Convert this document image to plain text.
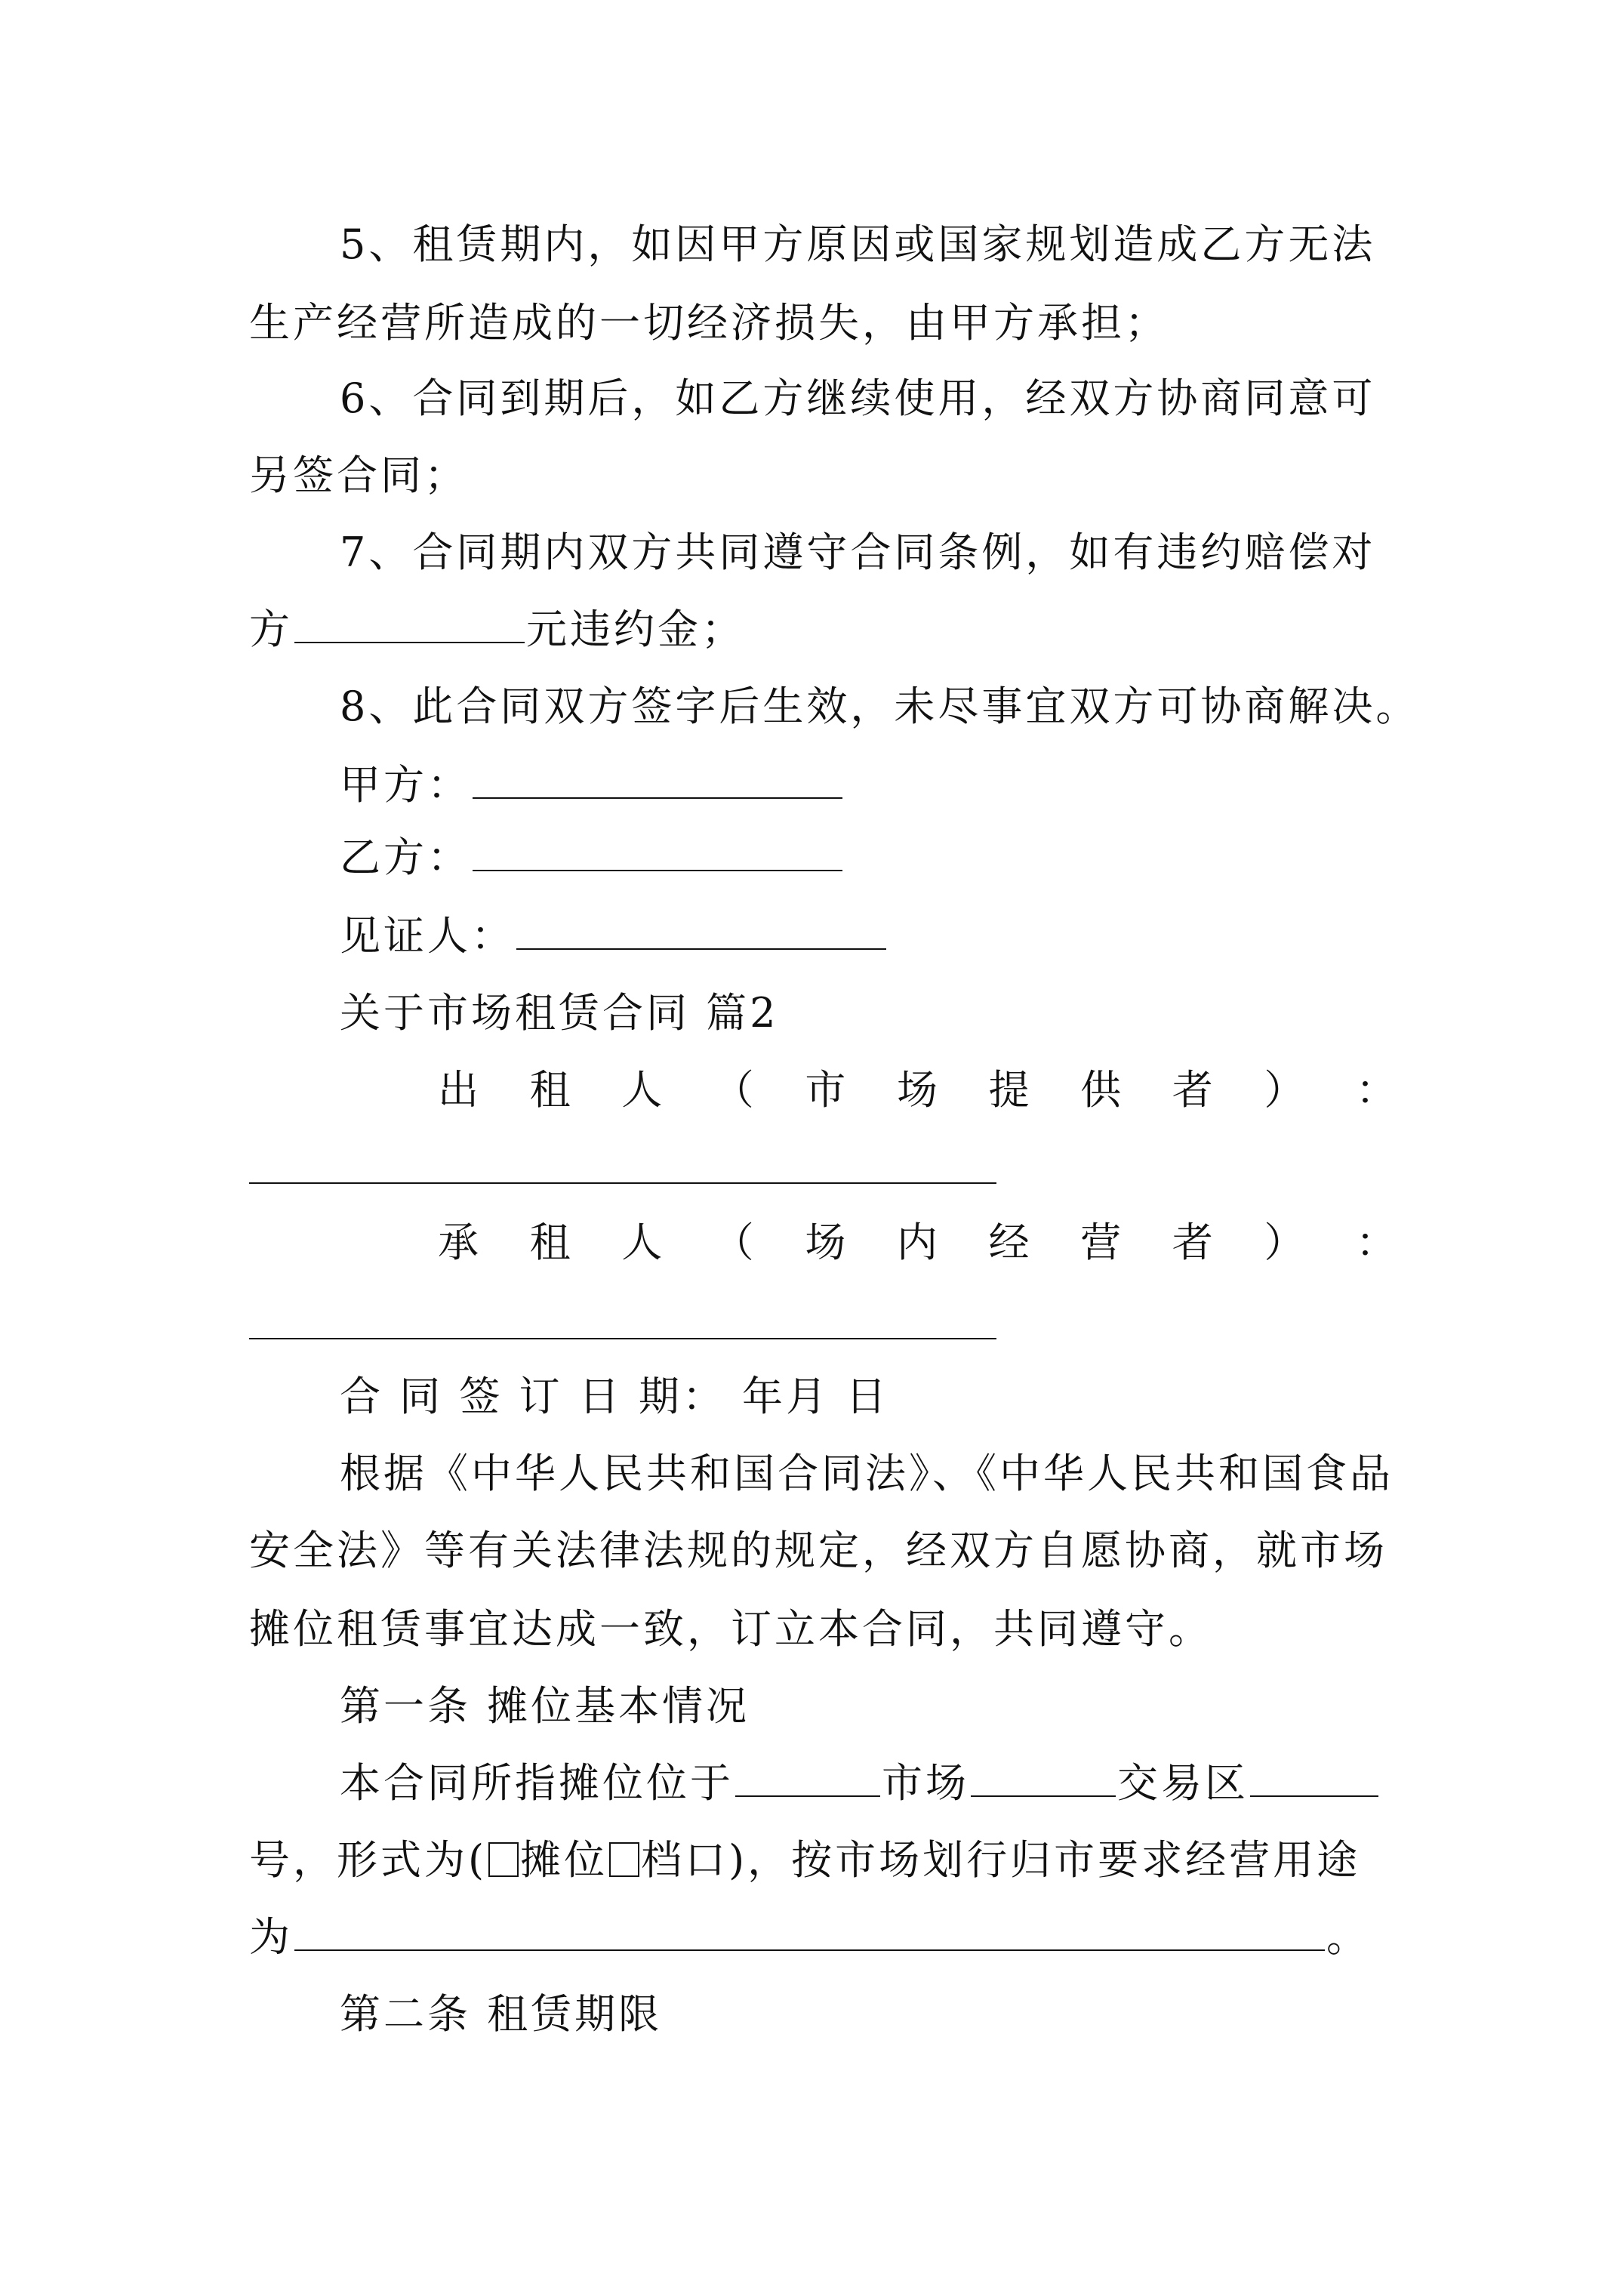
5、租赁期内，如因甲方原因或国家规划造成乙方无法
生产经营所造成的一切经济损失，由甲方承担；
6、合同到期后，如乙方继续使用，经双方协商同意可
另签合同；
7、合同期内双方共同遵守合同条例，如有违约赔偿对
方	元违约金；
8、此合同双方签字后生效，未尽事宜双方可协商解决。
甲方：
乙方：
见证人：
关于市场租赁合同 篇2
出 租 人 （ 市 场 提 供 者 ） ：
承 租 人 （ 场 内 经 营 者 ） ：
合 同 签 订 日 期： 年月 日
根据《中华人民共和国合同法》、《中华人民共和国食品
安全法》等有关法律法规的规定，经双方自愿协商，就市场
摊位租赁事宜达成一致，订立本合同，共同遵守。
第一条 摊位基本情况
本合同所指摊位位于	市场	交易区
号，形式为( 摊位 档口)，按市场划行归市要求经营用途
为	。
第二条 租赁期限
